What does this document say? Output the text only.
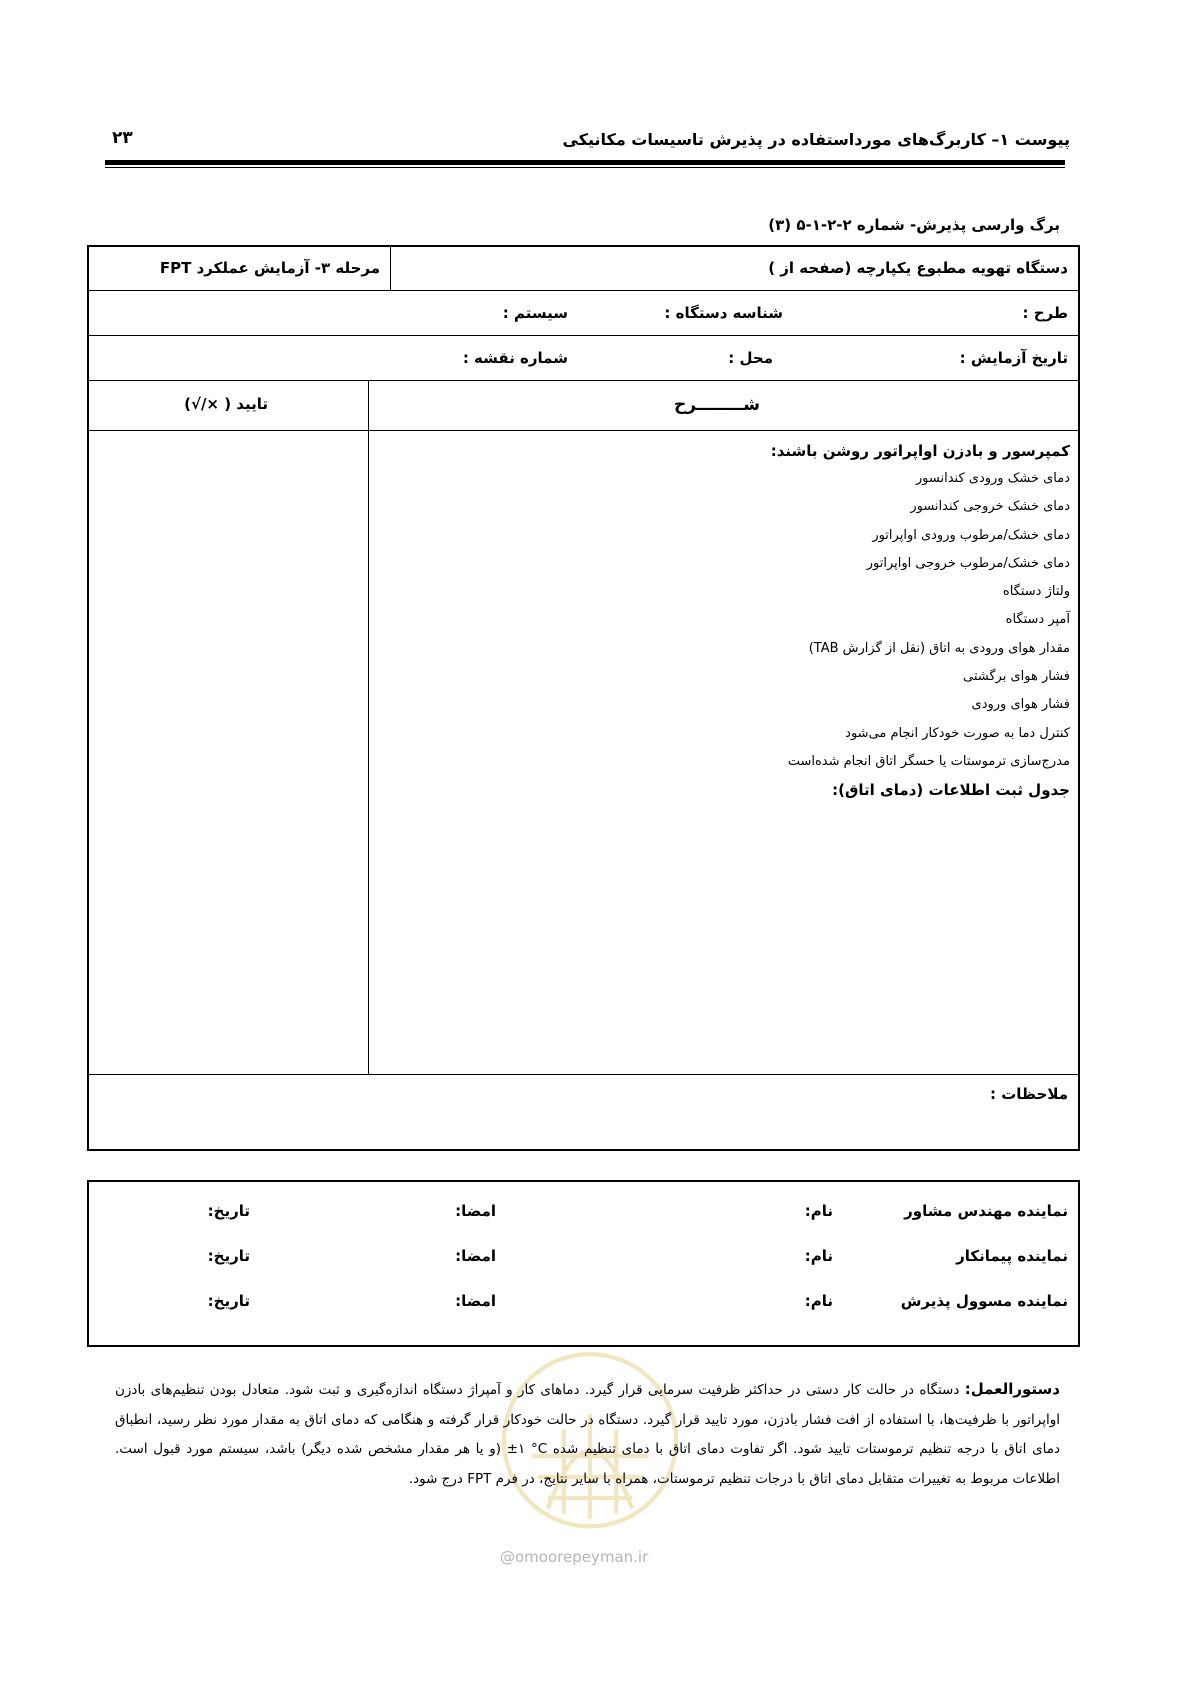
۲۳	پیوست ۱– کاربرگ‌های مورداستفاده در پذیرش تاسیسات مکانیکی
برگ وارسی پذیرش- شماره ۲-۲-۱-۵ (۳)
دستگاه تهویه مطبوع یکپارچه (صفحه از )
مرحله ۳- آزمایش عملکرد FPT
طرح :
شناسه دستگاه :
سیستم :
تاریخ آزمایش :
محل :
شماره نقشه :
شــــــــرح
تایید ( ×/√)
ملاحظات :
کمپرسور و بادزن اواپراتور روشن باشند:
دمای خشک ورودی کندانسور
دمای خشک خروجی کندانسور
دمای خشک/مرطوب ورودی اواپراتور
دمای خشک/مرطوب خروجی اواپراتور
ولتاژ دستگاه
آمپر دستگاه
مقدار هوای ورودی به اتاق (نقل از گزارش TAB)
فشار هوای برگشتی
فشار هوای ورودی
کنترل دما به صورت خودکار انجام می‌شود
مدرج‌سازی ترموستات یا حسگر اتاق انجام شده‌است
جدول ثبت اطلاعات (دمای اتاق):
نماینده مهندس مشاور
نام:
امضا:
تاریخ:
نماینده پیمانکار
نام:
امضا:
تاریخ:
نماینده مسوول پذیرش
نام:
امضا:
تاریخ:
دستورالعمل: دستگاه در حالت کار دستی در حداکثر ظرفیت سرمایی قرار گیرد. دماهای کار و آمپراژ دستگاه اندازه‌گیری و ثبت شود. متعادل بودن تنظیم‌های بادزن اواپراتور با ظرفیت‌ها، با استفاده از افت فشار بادزن، مورد تایید قرار گیرد. دستگاه در حالت خودکار قرار گرفته و هنگامی که دمای اتاق به مقدار مورد نظر رسید، انطباق دمای اتاق با درجه تنظیم ترموستات تایید شود. اگر تفاوت دمای اتاق با دمای تنظیم شده ‎±۱ °C‎ (و یا هر مقدار مشخص شده دیگر) باشد، سیستم مورد قبول است. اطلاعات مربوط به تغییرات متقابل دمای اتاق با درجات تنظیم ترموستات، همراه با سایر نتایج، در فرم FPT درج شود.
@omoorepeyman.ir
